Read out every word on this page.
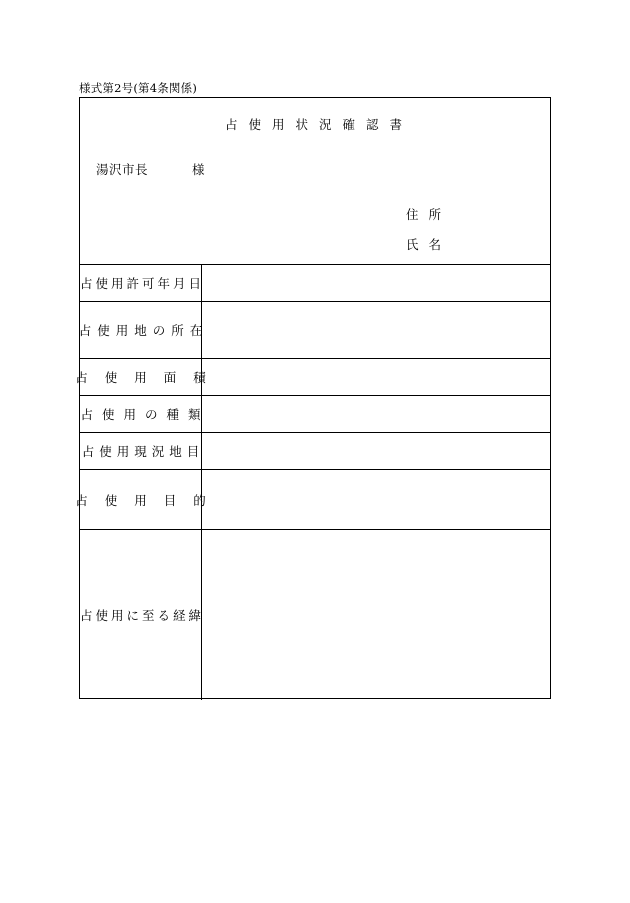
様式第2号(第4条関係)
占使用状況確認書
湯沢市長	様
住所
氏名
占使用許可年月日
占使用地の所在
占使用面積
占使用の種類
占使用現況地目
占使用目的
占使用に至る経緯
